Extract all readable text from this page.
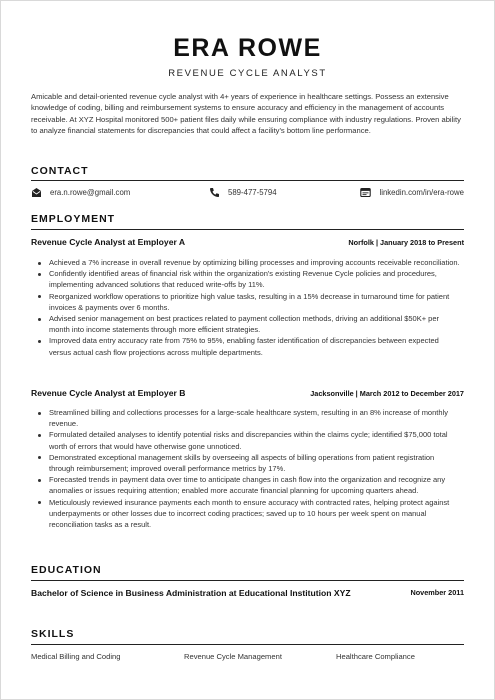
ERA ROWE
REVENUE CYCLE ANALYST
Amicable and detail-oriented revenue cycle analyst with 4+ years of experience in healthcare settings. Possess an extensive knowledge of coding, billing and reimbursement systems to ensure accuracy and efficiency in the management of accounts receivable. At XYZ Hospital monitored 500+ patient files daily while ensuring compliance with industry regulations. Proven ability to analyze financial statements for discrepancies that could affect a facility's bottom line performance.
CONTACT
era.n.rowe@gmail.com	589-477-5794	linkedin.com/in/era-rowe
EMPLOYMENT
Revenue Cycle Analyst at Employer A	Norfolk | January 2018 to Present
Achieved a 7% increase in overall revenue by optimizing billing processes and improving accounts receivable reconciliation.
Confidently identified areas of financial risk within the organization's existing Revenue Cycle policies and procedures, implementing advanced solutions that reduced write-offs by 11%.
Reorganized workflow operations to prioritize high value tasks, resulting in a 15% decrease in turnaround time for patient invoices & payments over 6 months.
Advised senior management on best practices related to payment collection methods, driving an additional $50K+ per month into income statements through more efficient strategies.
Improved data entry accuracy rate from 75% to 95%, enabling faster identification of discrepancies between expected versus actual cash flow projections across multiple departments.
Revenue Cycle Analyst at Employer B	Jacksonville | March 2012 to December 2017
Streamlined billing and collections processes for a large-scale healthcare system, resulting in an 8% increase of monthly revenue.
Formulated detailed analyses to identify potential risks and discrepancies within the claims cycle; identified $75,000 total worth of errors that would have otherwise gone unnoticed.
Demonstrated exceptional management skills by overseeing all aspects of billing operations from patient registration through reimbursement; improved overall performance metrics by 17%.
Forecasted trends in payment data over time to anticipate changes in cash flow into the organization and recognize any anomalies or issues requiring attention; enabled more accurate financial planning for upcoming quarters ahead.
Meticulously reviewed insurance payments each month to ensure accuracy with contracted rates, helping protect against underpayments or other losses due to incorrect coding practices; saved up to 10 hours per week spent on manual reconciliation tasks as a result.
EDUCATION
Bachelor of Science in Business Administration at Educational Institution XYZ	November 2011
SKILLS
Medical Billing and Coding	Revenue Cycle Management	Healthcare Compliance
